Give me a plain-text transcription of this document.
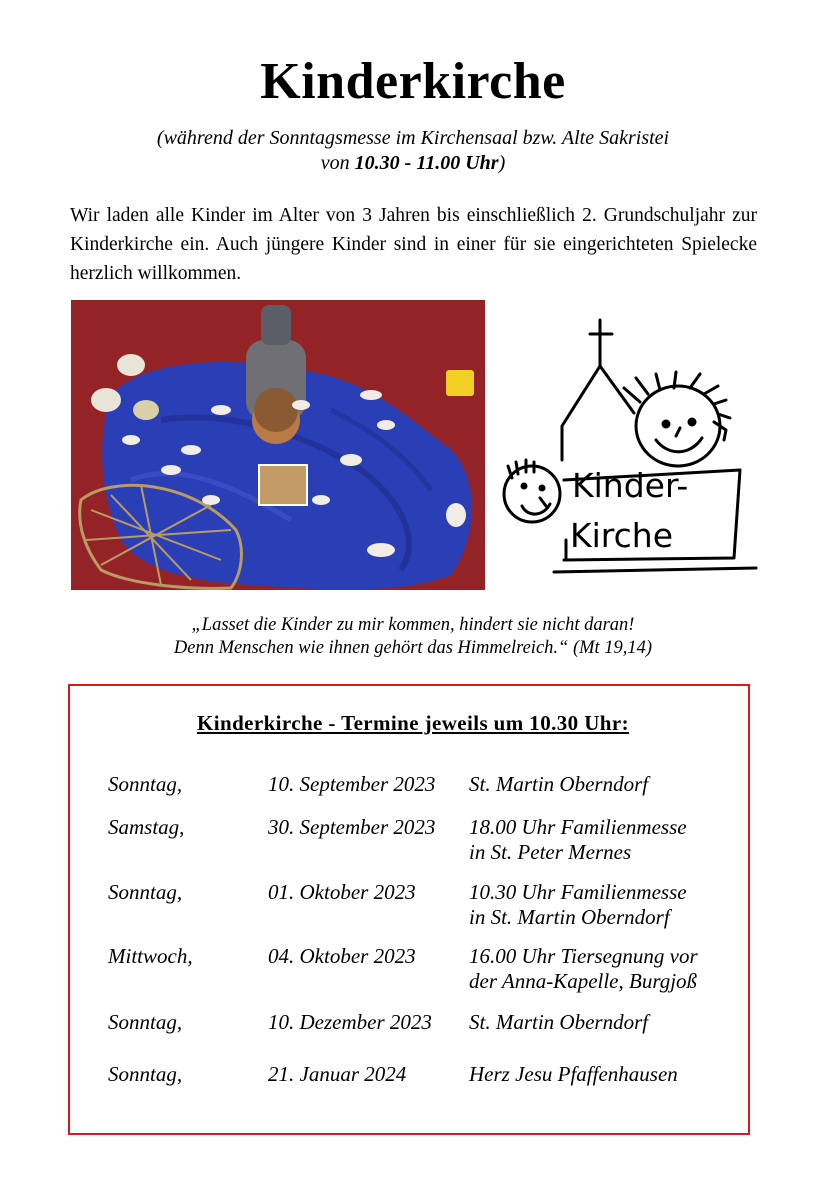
Kinderkirche
(während der Sonntagsmesse im Kirchensaal bzw. Alte Sakristei
von 10.30 - 11.00 Uhr)
Wir laden alle Kinder im Alter von 3 Jahren bis einschließlich 2. Grundschuljahr zur Kinderkirche ein. Auch jüngere Kinder sind in einer für sie eingerichteten Spielecke herzlich willkommen.
Kinder-
Kirche
„Lasset die Kinder zu mir kommen, hindert sie nicht daran!
Denn Menschen wie ihnen gehört das Himmelreich.“ (Mt 19,14)
Kinderkirche - Termine jeweils um 10.30 Uhr:
Sonntag,	10. September 2023 St. Martin Oberndorf
Samstag,	30. September 2023 18.00 Uhr Familienmesse
in St. Peter Mernes
Sonntag,	01. Oktober 2023	10.30 Uhr Familienmesse
in St. Martin Oberndorf
Mittwoch,	04. Oktober 2023	16.00 Uhr Tiersegnung vor
der Anna-Kapelle, Burgjoß
Sonntag,	10. Dezember 2023 St. Martin Oberndorf
Sonntag,	21. Januar 2024	Herz Jesu Pfaffenhausen
